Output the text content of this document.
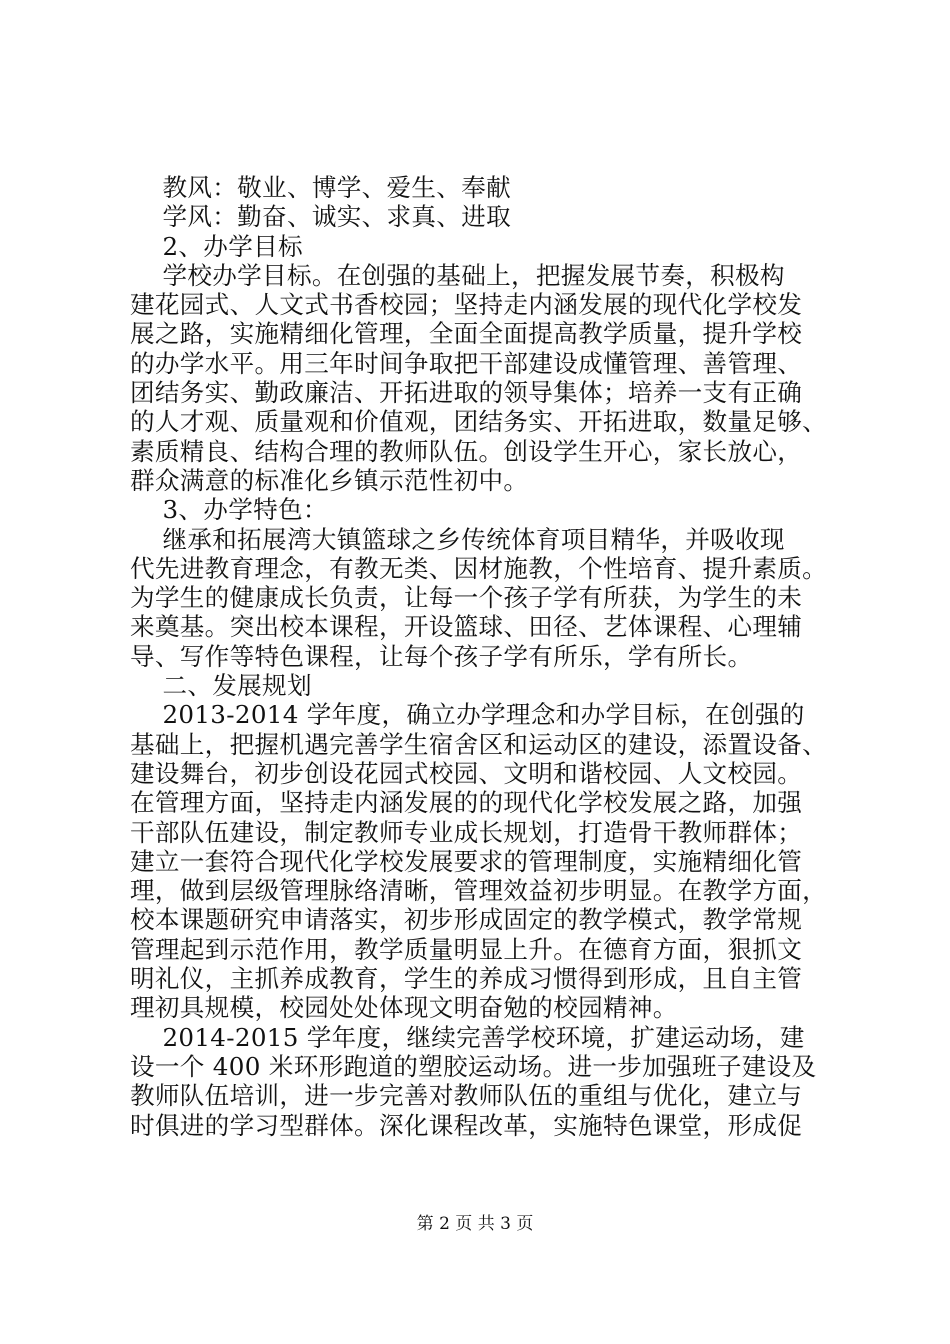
教风：敬业、博学、爱生、奉献
学风：勤奋、诚实、求真、进取
2、办学目标
学校办学目标。在创强的基础上，把握发展节奏，积极构
建花园式、人文式书香校园；坚持走内涵发展的现代化学校发
展之路，实施精细化管理，全面全面提高教学质量，提升学校
的办学水平。用三年时间争取把干部建设成懂管理、善管理、
团结务实、勤政廉洁、开拓进取的领导集体；培养一支有正确
的人才观、质量观和价值观，团结务实、开拓进取，数量足够、
素质精良、结构合理的教师队伍。创设学生开心，家长放心，
群众满意的标准化乡镇示范性初中。
3、办学特色：
继承和拓展湾大镇篮球之乡传统体育项目精华，并吸收现
代先进教育理念，有教无类、因材施教，个性培育、提升素质。
为学生的健康成长负责，让每一个孩子学有所获，为学生的未
来奠基。突出校本课程，开设篮球、田径、艺体课程、心理辅
导、写作等特色课程，让每个孩子学有所乐，学有所长。
二、发展规划
2013-2014 学年度，确立办学理念和办学目标，在创强的
基础上，把握机遇完善学生宿舍区和运动区的建设，添置设备、
建设舞台，初步创设花园式校园、文明和谐校园、人文校园。
在管理方面，坚持走内涵发展的的现代化学校发展之路，加强
干部队伍建设，制定教师专业成长规划，打造骨干教师群体；
建立一套符合现代化学校发展要求的管理制度，实施精细化管
理，做到层级管理脉络清晰，管理效益初步明显。在教学方面，
校本课题研究申请落实，初步形成固定的教学模式，教学常规
管理起到示范作用，教学质量明显上升。在德育方面，狠抓文
明礼仪，主抓养成教育，学生的养成习惯得到形成，且自主管
理初具规模，校园处处体现文明奋勉的校园精神。
2014-2015 学年度，继续完善学校环境，扩建运动场，建
设一个 400 米环形跑道的塑胶运动场。进一步加强班子建设及
教师队伍培训，进一步完善对教师队伍的重组与优化，建立与
时俱进的学习型群体。深化课程改革，实施特色课堂，形成促
第 2 页 共 3 页
